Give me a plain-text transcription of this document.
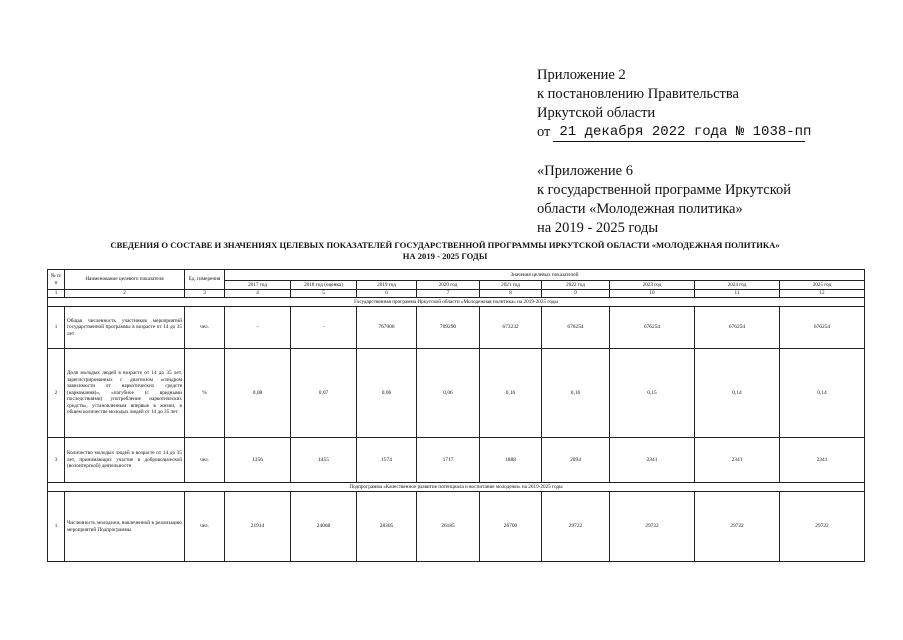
Приложение 2
к постановлению Правительства
Иркутской области
от 21 декабря 2022 года № 1038-пп
«Приложение 6
к государственной программе Иркутской
области «Молодежная политика»
на 2019 - 2025 годы
СВЕДЕНИЯ О СОСТАВЕ И ЗНАЧЕНИЯХ ЦЕЛЕВЫХ ПОКАЗАТЕЛЕЙ ГОСУДАРСТВЕННОЙ ПРОГРАММЫ ИРКУТСКОЙ ОБЛАСТИ «МОЛОДЕЖНАЯ ПОЛИТИКА»
НА 2019 - 2025 ГОДЫ
№ п/п	Наименование целевого показателя	Ед. измерения	Значения целевых показателей								
			2017 год	2018 год (оценка)	2019 год	2020 год	2021 год	2022 год	2023 год	2024 год	2025 год
1	2	3	4	5	6	7	8	9	10	11	12
Государственная программа Иркутской области «Молодежная политика» на 2019-2025 годы											
1	Общая численность участников мероприятий государственной программы в возрасте от 14 до 35 лет	чел.	-	-	767006	709290	673232	676254	676254	676254	676254
2	Доля молодых людей в возрасте от 14 до 35 лет, зарегистрированных с диагнозом «синдром зависимости от наркотических средств (наркомания)», «пагубное (с вредными последствиями) употребление наркотических средств», установленным впервые в жизни, в общем количестве молодых людей от 14 до 35 лет	%	0,08	0,07	0,06	0,06	0,16	0,16	0,15	0,14	0,14
3	Количество молодых людей в возрасте от 14 до 35 лет, принимающих участие в добровольческой (волонтерской) деятельности	чел.	1356	1455	1574	1717	1888	2094	2341	2341	2341
Подпрограмма «Качественное развитие потенциала и воспитание молодежи» на 2019-2025 годы											
1	Численность молодежи, вовлеченной в реализацию мероприятий Подпрограммы	чел.	21914	24068	28305	26185	26700	29722	29722	29722	29722
